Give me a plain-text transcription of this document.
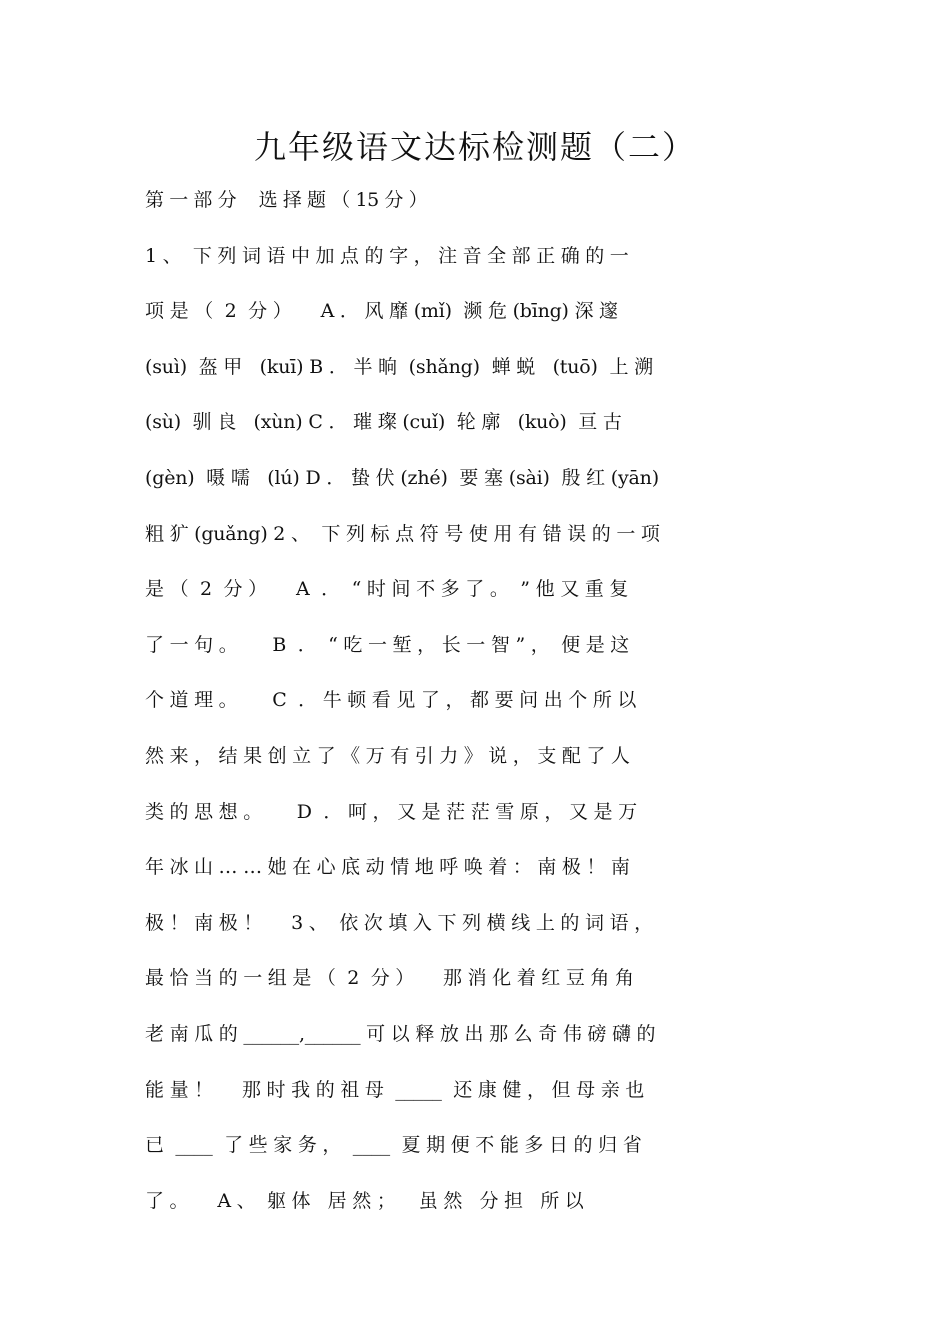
九年级语文达标检测题（二）
第 一 部 分    选 择 题 （ 15 分 ）
1 、  下 列 词 语 中 加 点 的 字 ， 注 音 全 部 正 确 的 一
项 是 （  2  分 ）     A ． 风 靡 (mǐ)  濒 危 (bīng) 深 邃
(suì)  盔 甲   (kuī) B ． 半 晌  (shǎng)  蝉 蜕   (tuō)  上 溯
(sù)  驯 良   (xùn) C ． 璀 璨 (cuǐ)  轮 廓   (kuò)  亘 古
(gèn)  嗫 嚅   (lú) D ． 蛰 伏 (zhé)  要 塞 (sài)  殷 红 (yān)
粗 犷 (guǎng) 2 、  下 列 标 点 符 号 使 用 有 错 误 的 一 项
是 （  2  分 ）     A  ．  “ 时 间 不 多 了 。  ” 他 又 重 复
了 一 句 。      B  ．  “ 吃 一 堑 ， 长 一 智 ” ，  便 是 这
个 道 理 。      C  ． 牛 顿 看 见 了 ， 都 要 问 出 个 所 以
然 来 ， 结 果 创 立 了 《 万 有 引 力 》 说 ， 支 配 了 人
类 的 思 想 。      D  ． 呵 ， 又 是 茫 茫 雪 原 ， 又 是 万
年 冰 山 … … 她 在 心 底 动 情 地 呼 唤 着 ： 南 极 ！ 南
极 ！ 南 极 ！     3 、  依 次 填 入 下 列 横 线 上 的 词 语 ，
最 恰 当 的 一 组 是 （  2  分 ）     那 消 化 着 红 豆 角 角
老 南 瓜 的 ______,______ 可 以 释 放 出 那 么 奇 伟 磅 礴 的
能 量 ！     那 时 我 的 祖 母  _____  还 康 健 ， 但 母 亲 也
已  ____  了 些 家 务 ，  ____  夏 期 便 不 能 多 日 的 归 省
了 。     A 、  躯 体   居 然 ；    虽 然   分 担   所 以
